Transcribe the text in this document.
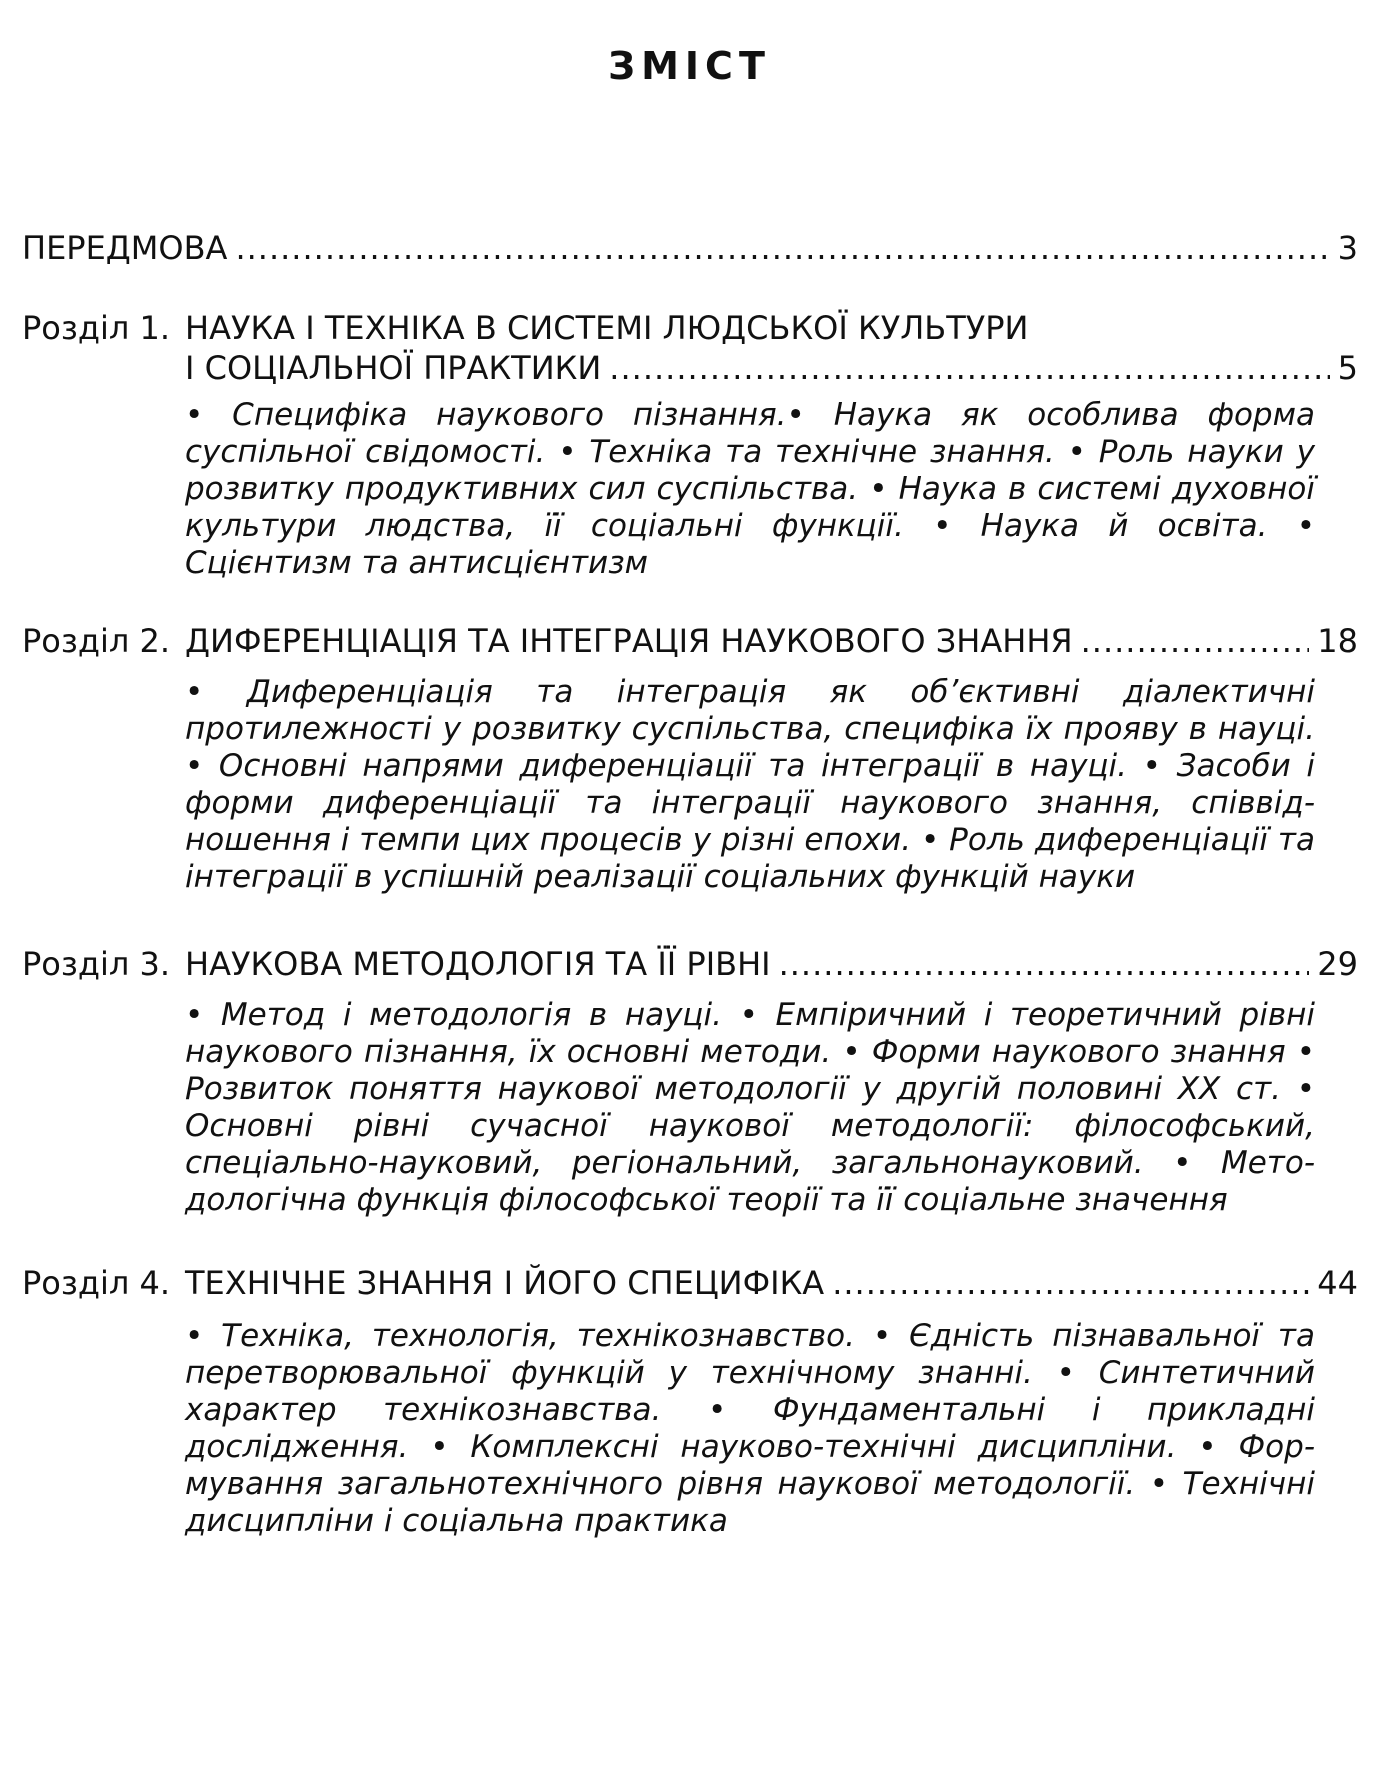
ЗМІСТ
ПЕРЕДМОВА .....	3
Розділ 1. НАУКА І ТЕХНІКА В СИСТЕМІ ЛЮДСЬКОЇ КУЛЬТУРИ
І СОЦІАЛЬНОЇ ПРАКТИКИ .....	5
• Специфіка наукового пізнання.• Наука як особлива форма суспільної свідомості. • Техніка та технічне знання. • Роль науки у розвитку продуктивних сил суспільства. • Наука в системі духовної культури людства, її соціальні функції. • Наука й освіта. • Сцієнтизм та антисцієнтизм
Розділ 2. ДИФЕРЕНЦІАЦІЯ ТА ІНТЕГРАЦІЯ НАУКОВОГО ЗНАННЯ .....	18
• Диференціація та інтеграція як об’єктивні діалектичні протилежності у розвитку суспільства, специфіка їх прояву в науці. • Основні напрями диференціації та інтеграції в науці. • Засоби і форми диференціації та інтеграції наукового знання, співвідношення і темпи цих процесів у різні епохи. • Роль диференціації та інтеграції в успішній реалізації соціальних функцій науки
Розділ 3. НАУКОВА МЕТОДОЛОГІЯ ТА ЇЇ РІВНІ .....	29
• Метод і методологія в науці. • Емпіричний і теоретичний рівні наукового пізнання, їх основні методи. • Форми наукового знання • Розвиток поняття наукової методології у другій половині XX ст. • Основні рівні сучасної наукової методології: філософський, спеціально-науковий, регіональний, загальнонауковий. • Методологічна функція філософської теорії та її соціальне значення
Розділ 4. ТЕХНІЧНЕ ЗНАННЯ І ЙОГО СПЕЦИФІКА .....	44
• Техніка, технологія, технікознавство. • Єдність пізнавальної та перетворювальної функцій у технічному знанні. • Синтетичний характер технікознавства. • Фундаментальні і прикладні дослідження. • Комплексні науково-технічні дисципліни. • Формування загальнотехнічного рівня наукової методології. • Технічні дисципліни і соціальна практика
